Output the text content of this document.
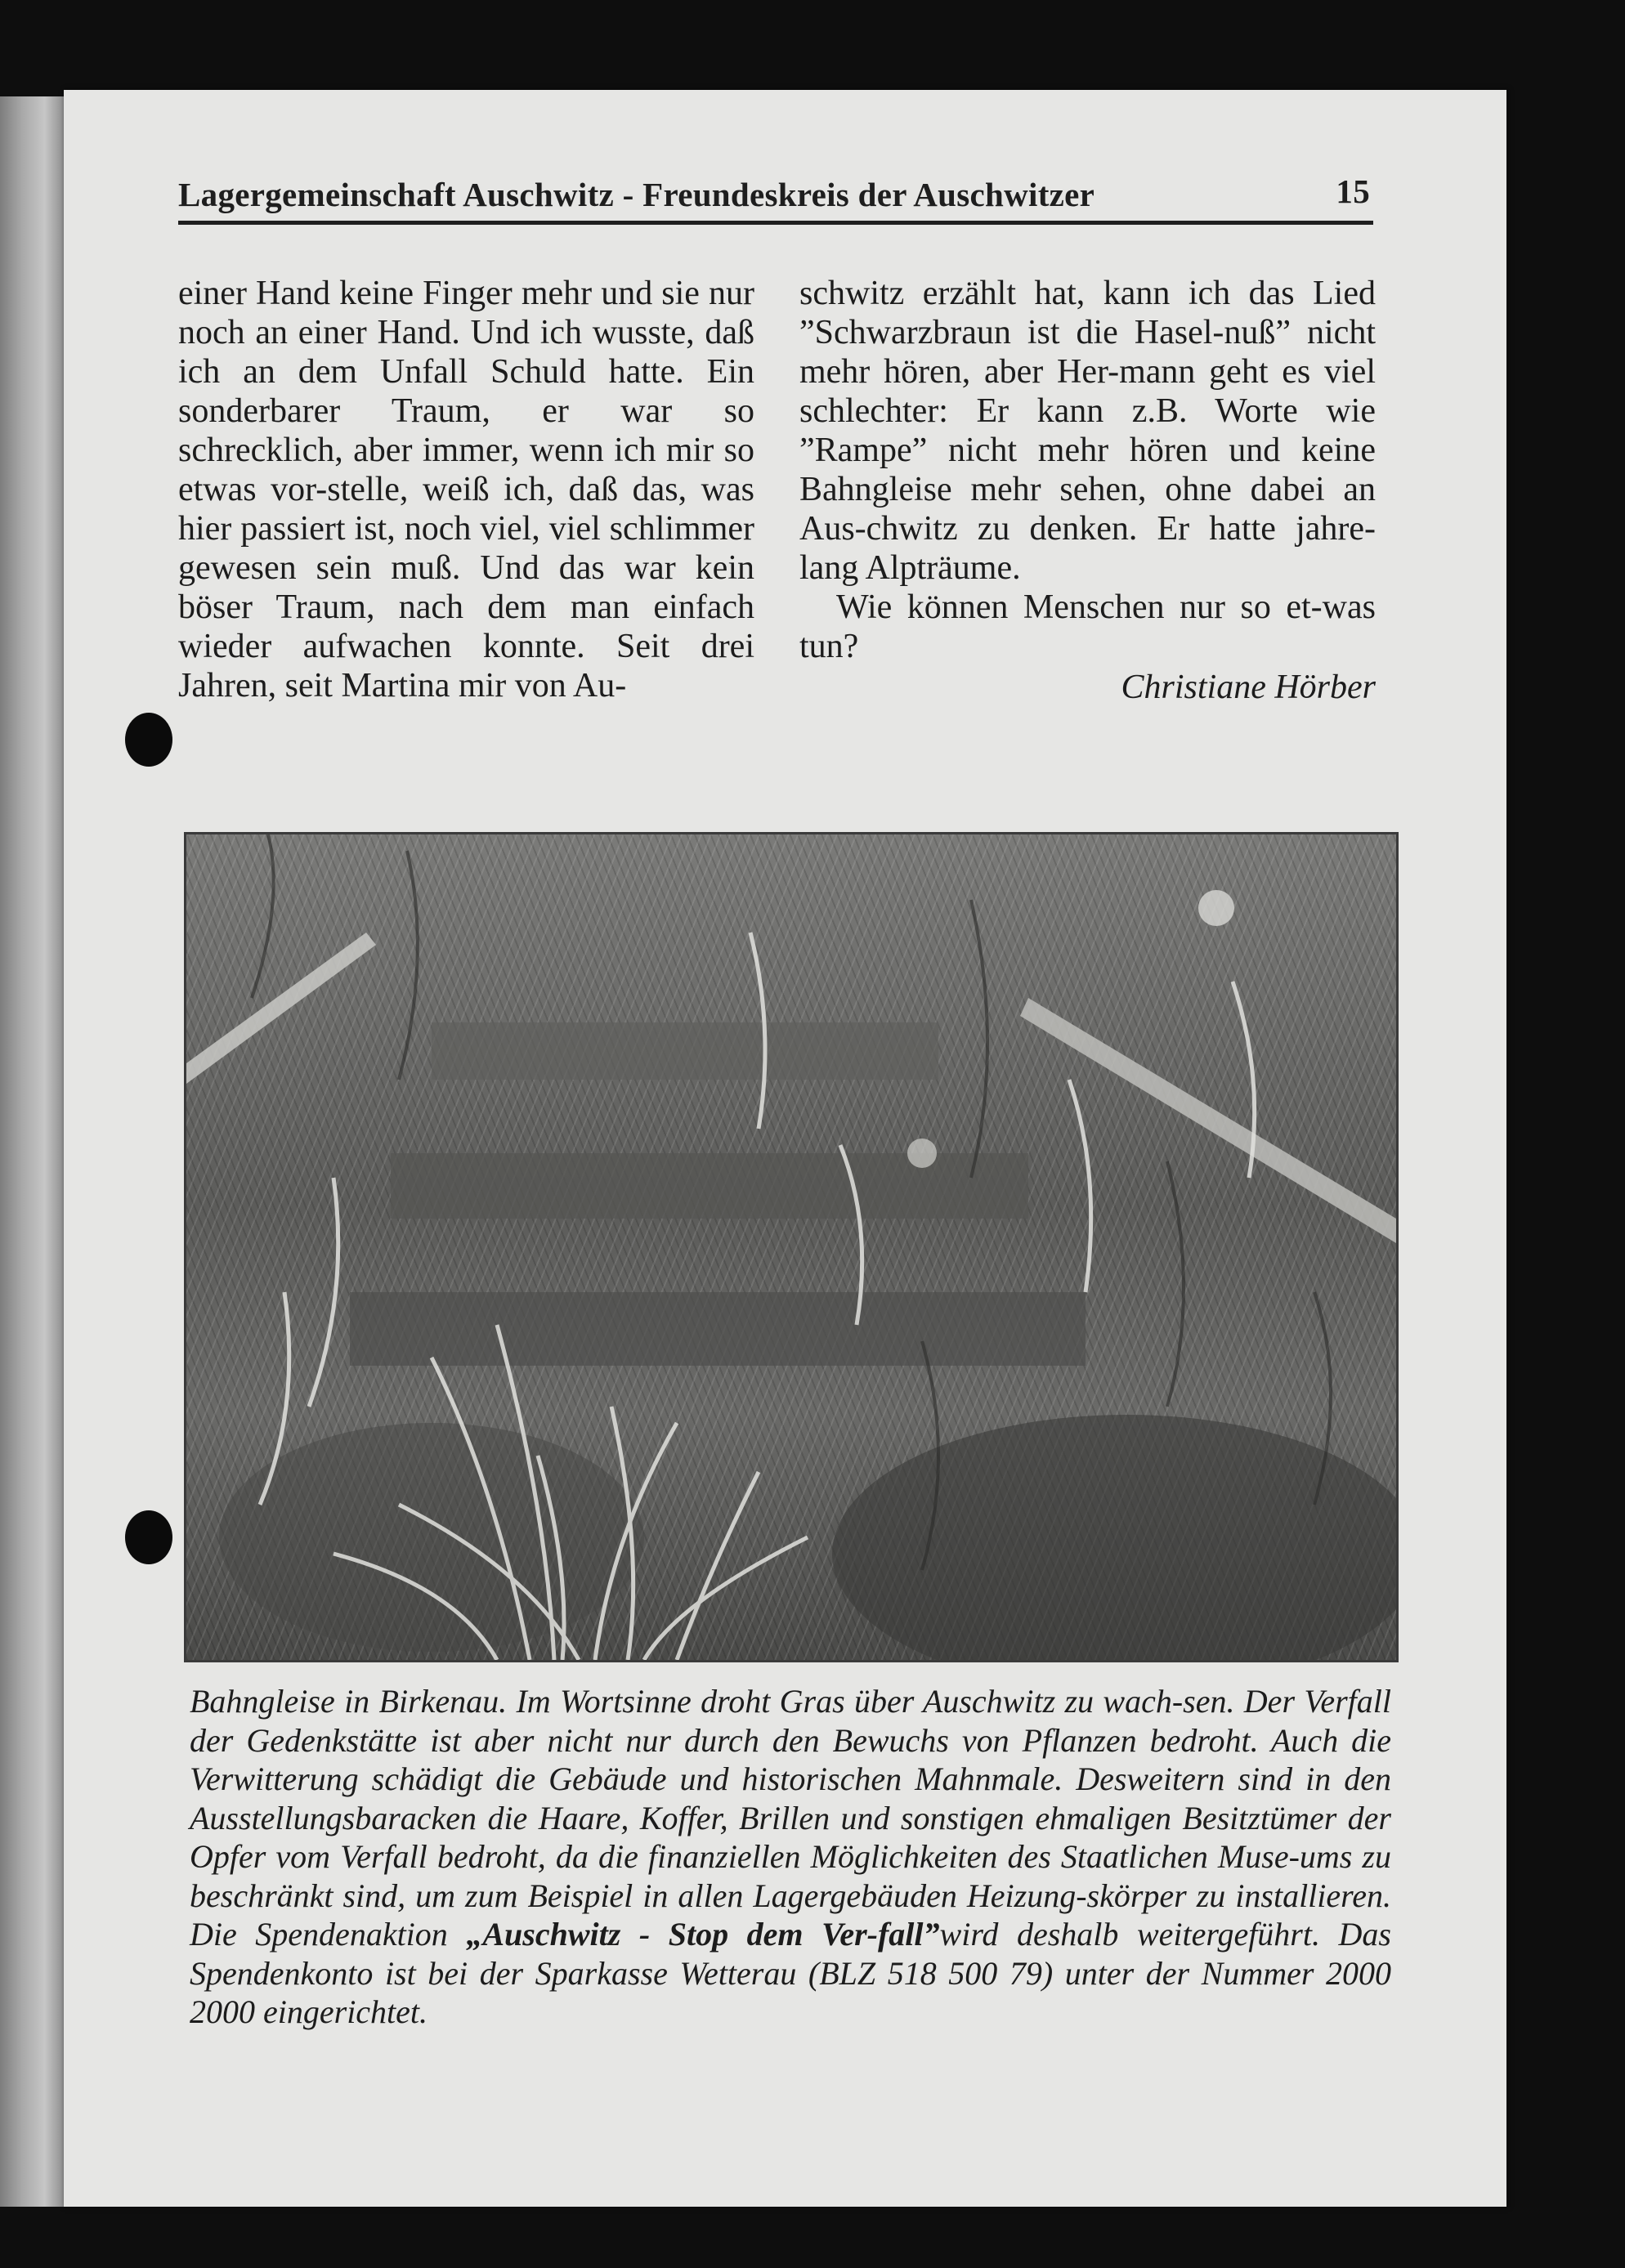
Lagergemeinschaft Auschwitz - Freundeskreis der Auschwitzer	15

einer Hand keine Finger mehr und sie nur noch an einer Hand. Und ich wusste, daß ich an dem Unfall Schuld hatte. Ein sonderbarer Traum, er war so schrecklich, aber immer, wenn ich mir so etwas vor-stelle, weiß ich, daß das, was hier passiert ist, noch viel, viel schlimmer gewesen sein muß. Und das war kein böser Traum, nach dem man einfach wieder aufwachen konnte. Seit drei Jahren, seit Martina mir von Au-

schwitz erzählt hat, kann ich das Lied ”Schwarzbraun ist die Hasel-nuß” nicht mehr hören, aber Her-mann geht es viel schlechter: Er kann z.B. Worte wie ”Rampe” nicht mehr hören und keine Bahngleise mehr sehen, ohne dabei an Aus-chwitz zu denken. Er hatte jahre-lang Alpträume.

Wie können Menschen nur so et-was tun?

Christiane Hörber

Bahngleise in Birkenau. Im Wortsinne droht Gras über Auschwitz zu wach-sen. Der Verfall der Gedenkstätte ist aber nicht nur durch den Bewuchs von Pflanzen bedroht. Auch die Verwitterung schädigt die Gebäude und historischen Mahnmale. Desweitern sind in den Ausstellungsbaracken die Haare, Koffer, Brillen und sonstigen ehmaligen Besitztümer der Opfer vom Verfall bedroht, da die finanziellen Möglichkeiten des Staatlichen Muse-ums zu beschränkt sind, um zum Beispiel in allen Lagergebäuden Heizung-skörper zu installieren. Die Spendenaktion „Auschwitz - Stop dem Ver-fall”wird deshalb weitergeführt. Das Spendenkonto ist bei der Sparkasse Wetterau (BLZ 518 500 79) unter der Nummer 2000 2000 eingerichtet.
